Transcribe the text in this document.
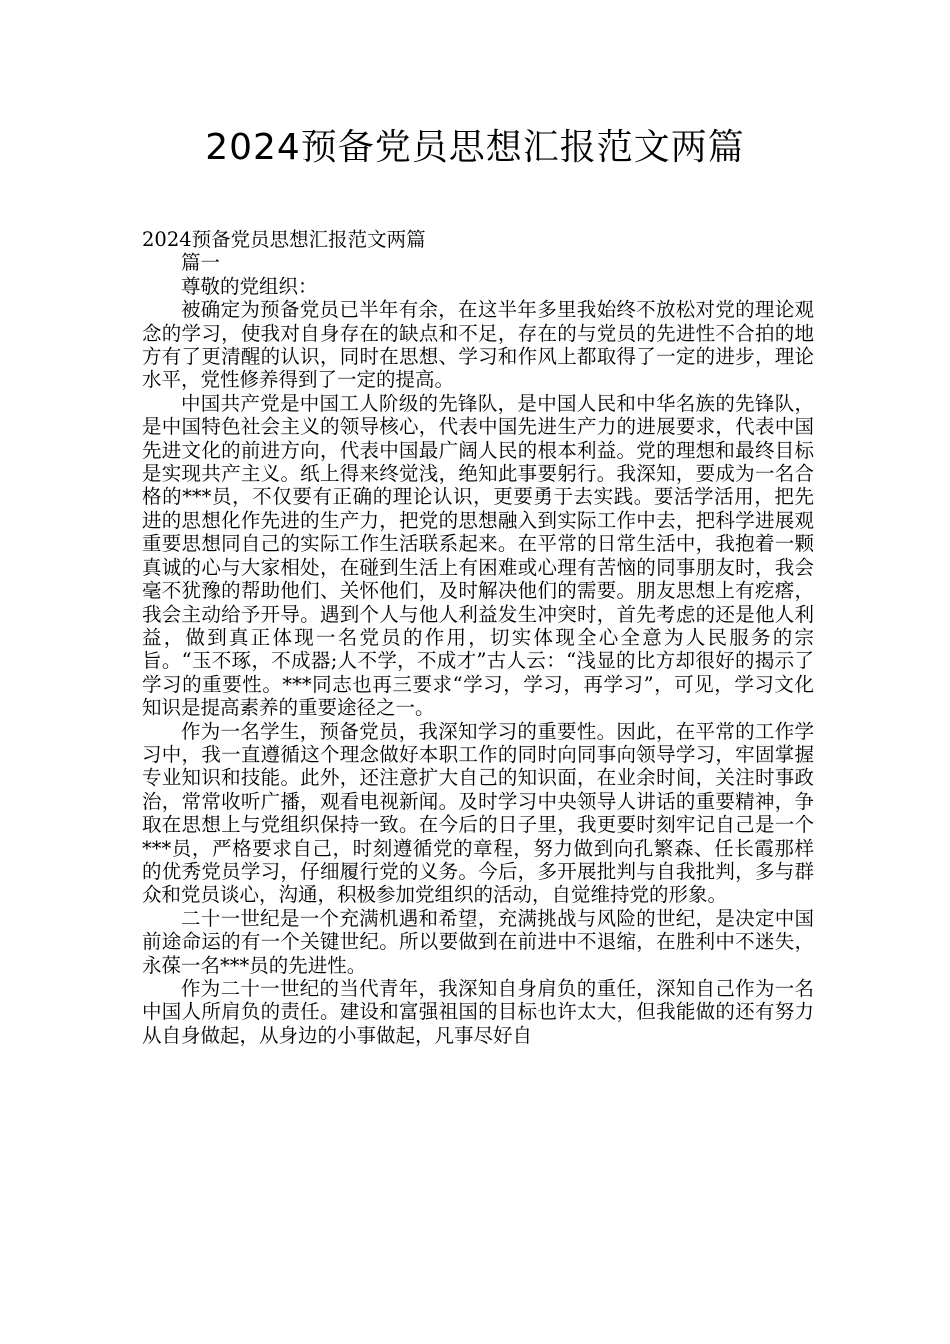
2024预备党员思想汇报范文两篇

2024预备党员思想汇报范文两篇

篇一

尊敬的党组织：

被确定为预备党员已半年有余，在这半年多里我始终不放松对党的理论观念的学习，使我对自身存在的缺点和不足，存在的与党员的先进性不合拍的地方有了更清醒的认识，同时在思想、学习和作风上都取得了一定的进步，理论水平，党性修养得到了一定的提高。

中国共产党是中国工人阶级的先锋队，是中国人民和中华名族的先锋队，是中国特色社会主义的领导核心，代表中国先进生产力的进展要求，代表中国先进文化的前进方向，代表中国最广阔人民的根本利益。党的理想和最终目标是实现共产主义。纸上得来终觉浅，绝知此事要躬行。我深知，要成为一名合格的***员，不仅要有正确的理论认识，更要勇于去实践。要活学活用，把先进的思想化作先进的生产力，把党的思想融入到实际工作中去，把科学进展观重要思想同自己的实际工作生活联系起来。在平常的日常生活中，我抱着一颗真诚的心与大家相处，在碰到生活上有困难或心理有苦恼的同事朋友时，我会毫不犹豫的帮助他们、关怀他们，及时解决他们的需要。朋友思想上有疙瘩，我会主动给予开导。遇到个人与他人利益发生冲突时，首先考虑的还是他人利益，做到真正体现一名党员的作用，切实体现全心全意为人民服务的宗旨。“玉不琢，不成器;人不学，不成才”古人云：“浅显的比方却很好的揭示了学习的重要性。***同志也再三要求“学习，学习，再学习”，可见，学习文化知识是提高素养的重要途径之一。

作为一名学生，预备党员，我深知学习的重要性。因此，在平常的工作学习中，我一直遵循这个理念做好本职工作的同时向同事向领导学习，牢固掌握专业知识和技能。此外，还注意扩大自己的知识面，在业余时间，关注时事政治，常常收听广播，观看电视新闻。及时学习中央领导人讲话的重要精神，争取在思想上与党组织保持一致。在今后的日子里，我更要时刻牢记自己是一个***员，严格要求自己，时刻遵循党的章程，努力做到向孔繁森、任长霞那样的优秀党员学习，仔细履行党的义务。今后，多开展批判与自我批判，多与群众和党员谈心，沟通，积极参加党组织的活动，自觉维持党的形象。

二十一世纪是一个充满机遇和希望，充满挑战与风险的世纪，是决定中国前途命运的有一个关键世纪。所以要做到在前进中不退缩，在胜利中不迷失，永葆一名***员的先进性。

作为二十一世纪的当代青年，我深知自身肩负的重任，深知自己作为一名中国人所肩负的责任。建设和富强祖国的目标也许太大，但我能做的还有努力从自身做起，从身边的小事做起，凡事尽好自
